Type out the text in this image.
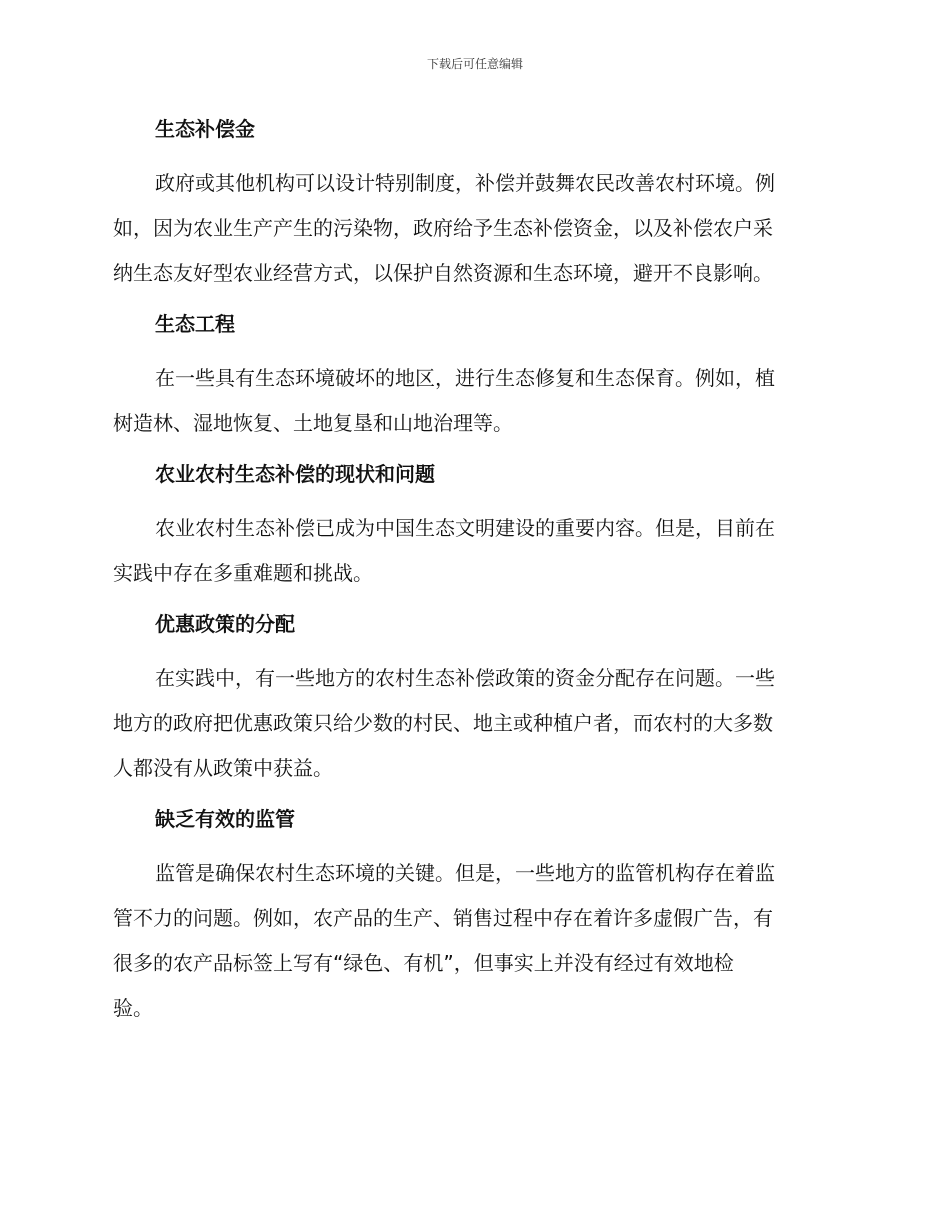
下载后可任意编辑
生态补偿金
政府或其他机构可以设计特别制度，补偿并鼓舞农民改善农村环境。例
如，因为农业生产产生的污染物，政府给予生态补偿资金，以及补偿农户采
纳生态友好型农业经营方式，以保护自然资源和生态环境，避开不良影响。
生态工程
在一些具有生态环境破坏的地区，进行生态修复和生态保育。例如，植
树造林、湿地恢复、土地复垦和山地治理等。
农业农村生态补偿的现状和问题
农业农村生态补偿已成为中国生态文明建设的重要内容。但是，目前在
实践中存在多重难题和挑战。
优惠政策的分配
在实践中，有一些地方的农村生态补偿政策的资金分配存在问题。一些
地方的政府把优惠政策只给少数的村民、地主或种植户者，而农村的大多数
人都没有从政策中获益。
缺乏有效的监管
监管是确保农村生态环境的关键。但是，一些地方的监管机构存在着监
管不力的问题。例如，农产品的生产、销售过程中存在着许多虚假广告，有
很多的农产品标签上写有“绿色、有机”，但事实上并没有经过有效地检
验。
